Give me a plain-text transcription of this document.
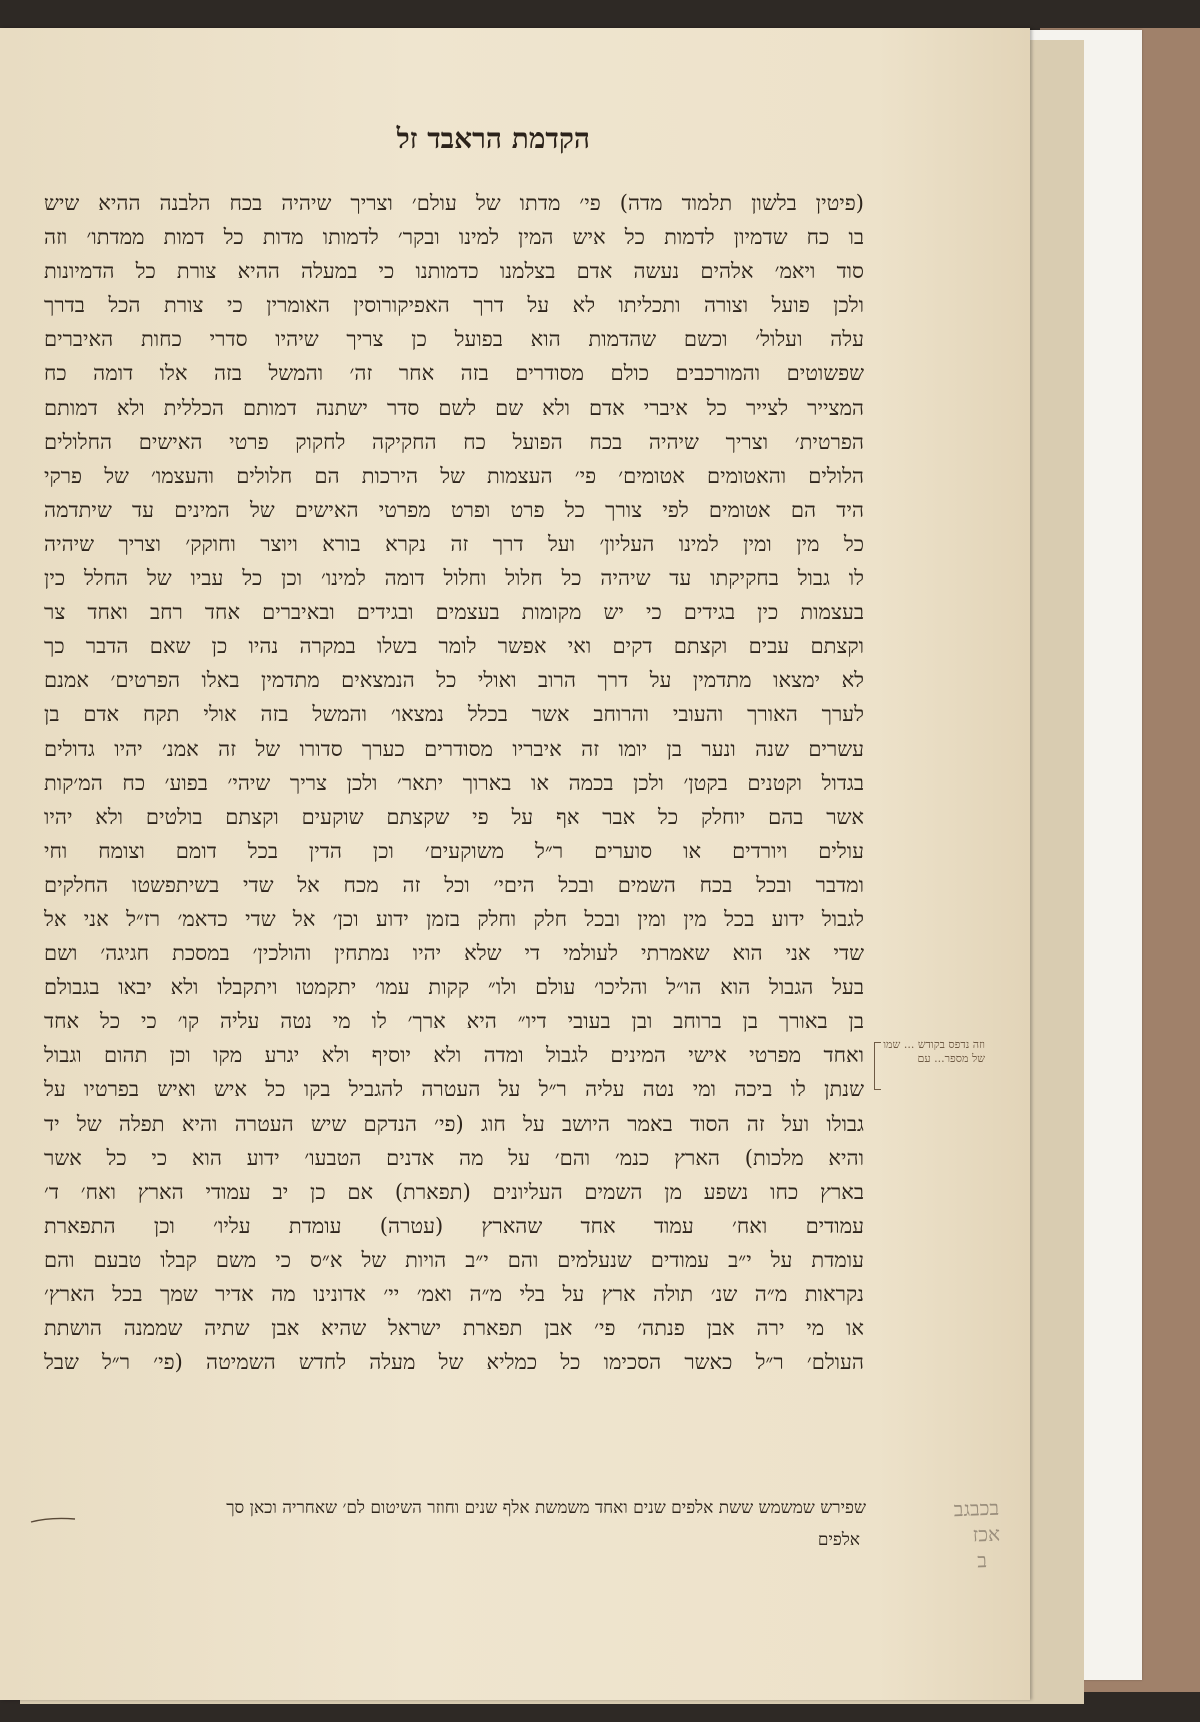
הקדמת הראבד זל
(פיטין בלשון תלמוד מדה) פי׳ מדתו של עולם׳ וצריך שיהיה בכח הלבנה ההיא שיש
בו כח שדמיון לדמות כל איש המין למינו ובקר׳ לדמותו מדות כל דמות ממדתו׳ וזה
סוד ויאמ׳ אלהים נעשה אדם בצלמנו כדמותנו כי במעלה ההיא צורת כל הדמיונות
ולכן פועל וצורה ותכליתו לא על דרך האפיקורוסין האומרין כי צורת הכל בדרך
עלה ועלול׳ וכשם שהדמות הוא בפועל כן צריך שיהיו סדרי כחות האיברים
שפשוטים והמורכבים כולם מסודרים בזה אחר זה׳ והמשל בזה אלו דומה כח
המצייר לצייר כל איברי אדם ולא שם לשם סדר ישתנה דמותם הכללית ולא דמותם
הפרטית׳ וצריך שיהיה בכח הפועל כח החקיקה לחקוק פרטי האישים החלולים
הלולים והאטומים אטומים׳ פי׳ העצמות של הירכות הם חלולים והעצמו׳ של פרקי
היד הם אטומים לפי צורך כל פרט ופרט מפרטי האישים של המינים עד שיתדמה
כל מין ומין למינו העליון׳ ועל דרך זה נקרא בורא ויוצר וחוקק׳ וצריך שיהיה
לו גבול בחקיקתו עד שיהיה כל חלול וחלול דומה למינו׳ וכן כל עביו של החלל כין
בעצמות כין בגידים כי יש מקומות בעצמים ובגידים ובאיברים אחד רחב ואחד צר
וקצתם עבים וקצתם דקים ואי אפשר לומר בשלו במקרה נהיו כן שאם הדבר כך
לא ימצאו מתדמין על דרך הרוב ואולי כל הנמצאים מתדמין באלו הפרטים׳ אמנם
לערך האורך והעובי והרוחב אשר בכלל נמצאו׳ והמשל בזה אולי תקח אדם בן
עשרים שנה ונער בן יומו זה איבריו מסודרים כערך סדורו של זה אמנ׳ יהיו גדולים
בגדול וקטנים בקטן׳ ולכן בכמה או בארוך יתאר׳ ולכן צריך שיהי׳ בפוע׳ כח המ׳קות
אשר בהם יוחלק כל אבר אף על פי שקצתם שוקעים וקצתם בולטים ולא יהיו
עולים ויורדים או סוערים ר״ל משוקעים׳ וכן הדין בכל דומם וצומח וחי
ומדבר ובכל בכח השמים ובכל היםי׳ וכל זה מכח אל שדי בשיתפשטו החלקים
לגבול ידוע בכל מין ומין ובכל חלק וחלק בזמן ידוע וכן׳ אל שדי כדאמ׳ רז״ל אני אל
שדי אני הוא שאמרתי לעולמי די שלא יהיו נמתחין והולכין׳ במסכת חגיגה׳ ושם
בעל הגבול הוא הו״ל והליכו׳ עולם ולו״ קקות עמו׳ יתקמטו ויתקבלו ולא יבאו בגבולם
בן באורך בן ברוחב ובן בעובי דיו״ היא ארך׳ לו מי נטה עליה קו׳ כי כל אחד
ואחד מפרטי אישי המינים לגבול ומדה ולא יוסיף ולא יגרע מקו וכן תהום וגבול
שנתן לו ביכה ומי נטה עליה ר״ל על העטרה להגביל בקו כל איש ואיש בפרטיו על
גבולו ועל זה הסוד באמר היושב על חוג (פי׳ הנדקם שיש העטרה והיא תפלה של יד
והיא מלכות) הארץ כנמ׳ והם׳ על מה אדנים הטבעו׳ ידוע הוא כי כל אשר
בארץ כחו נשפע מן השמים העליונים (תפארת) אם כן יב עמודי הארץ ואח׳ ד׳
עמודים ואח׳ עמוד אחד שהארץ (עטרה) עומדת עליו׳ וכן התפארת
עומדת על י״ב עמודים שנעלמים והם י״ב הויות של א״ס כי משם קבלו טבעם והם
נקראות מ״ה שנ׳ תולה ארץ על בלי מ״ה ואמ׳ יי׳ אדונינו מה אדיר שמך בכל הארץ׳
או מי ירה אבן פנתה׳ פי׳ אבן תפארת ישראל שהיא אבן שתיה שממנה הושתת
העולם׳ ר״ל כאשר הסכימו כל כמליא של מעלה לחדש השמיטה (פי׳ ר״ל שבל
שפירש שמשמש ששת אלפים שנים ואחד משמשת אלף שנים וחוזר השיטום לם׳ שאחריה וכאן סך
אלפים
וזה נדפס בקודש ... שמו של מספר... עם
בכבגב
אכז
ב
